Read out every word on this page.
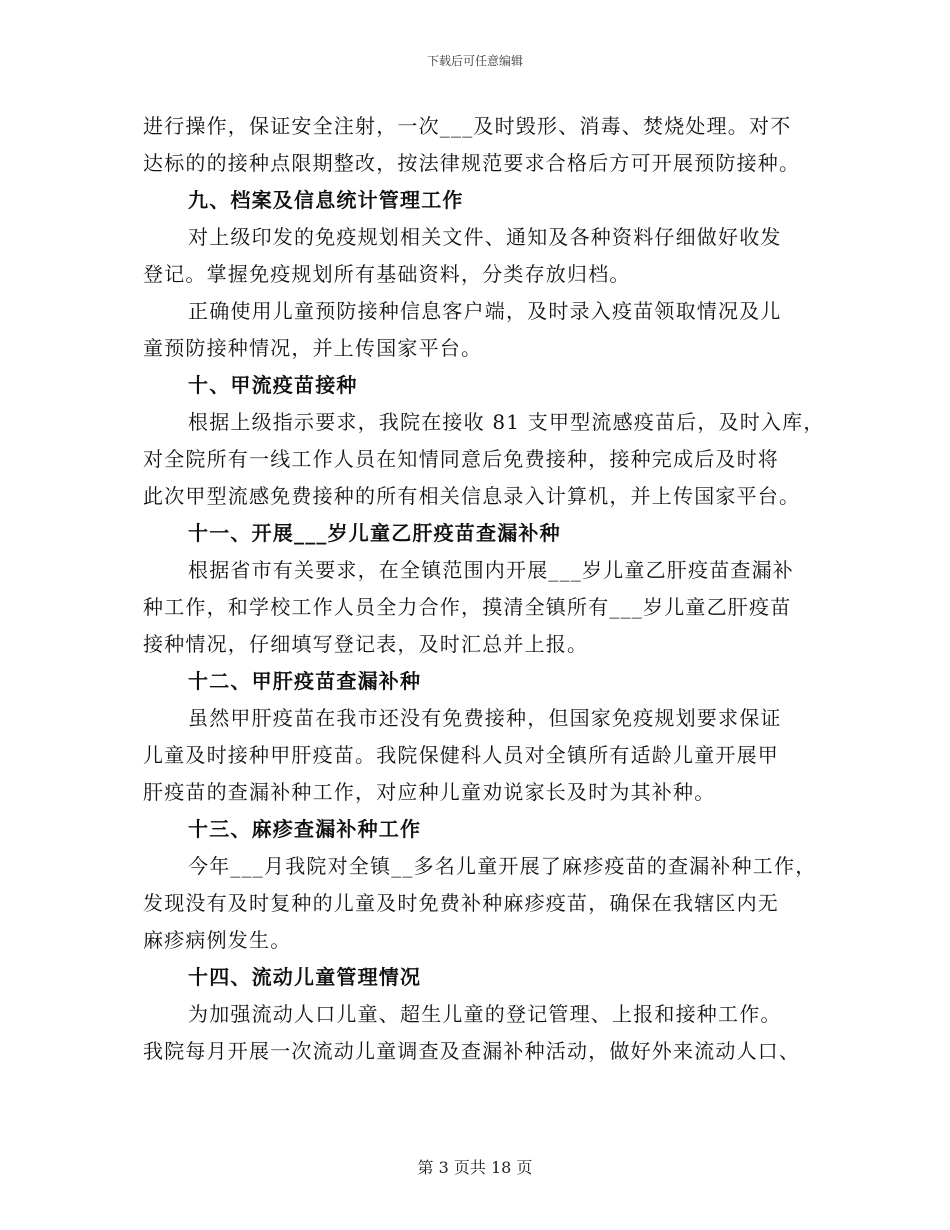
下载后可任意编辑
进行操作，保证安全注射，一次___及时毁形、消毒、焚烧处理。对不
达标的的接种点限期整改，按法律规范要求合格后方可开展预防接种。
九、档案及信息统计管理工作
对上级印发的免疫规划相关文件、通知及各种资料仔细做好收发
登记。掌握免疫规划所有基础资料，分类存放归档。
正确使用儿童预防接种信息客户端，及时录入疫苗领取情况及儿
童预防接种情况，并上传国家平台。
十、甲流疫苗接种
根据上级指示要求，我院在接收 81 支甲型流感疫苗后，及时入库，
对全院所有一线工作人员在知情同意后免费接种，接种完成后及时将
此次甲型流感免费接种的所有相关信息录入计算机，并上传国家平台。
十一、开展___岁儿童乙肝疫苗查漏补种
根据省市有关要求，在全镇范围内开展___岁儿童乙肝疫苗查漏补
种工作，和学校工作人员全力合作，摸清全镇所有___岁儿童乙肝疫苗
接种情况，仔细填写登记表，及时汇总并上报。
十二、甲肝疫苗查漏补种
虽然甲肝疫苗在我市还没有免费接种，但国家免疫规划要求保证
儿童及时接种甲肝疫苗。我院保健科人员对全镇所有适龄儿童开展甲
肝疫苗的查漏补种工作，对应种儿童劝说家长及时为其补种。
十三、麻疹查漏补种工作
今年___月我院对全镇__多名儿童开展了麻疹疫苗的查漏补种工作，
发现没有及时复种的儿童及时免费补种麻疹疫苗，确保在我辖区内无
麻疹病例发生。
十四、流动儿童管理情况
为加强流动人口儿童、超生儿童的登记管理、上报和接种工作。
我院每月开展一次流动儿童调查及查漏补种活动，做好外来流动人口、
第 3 页共 18 页
